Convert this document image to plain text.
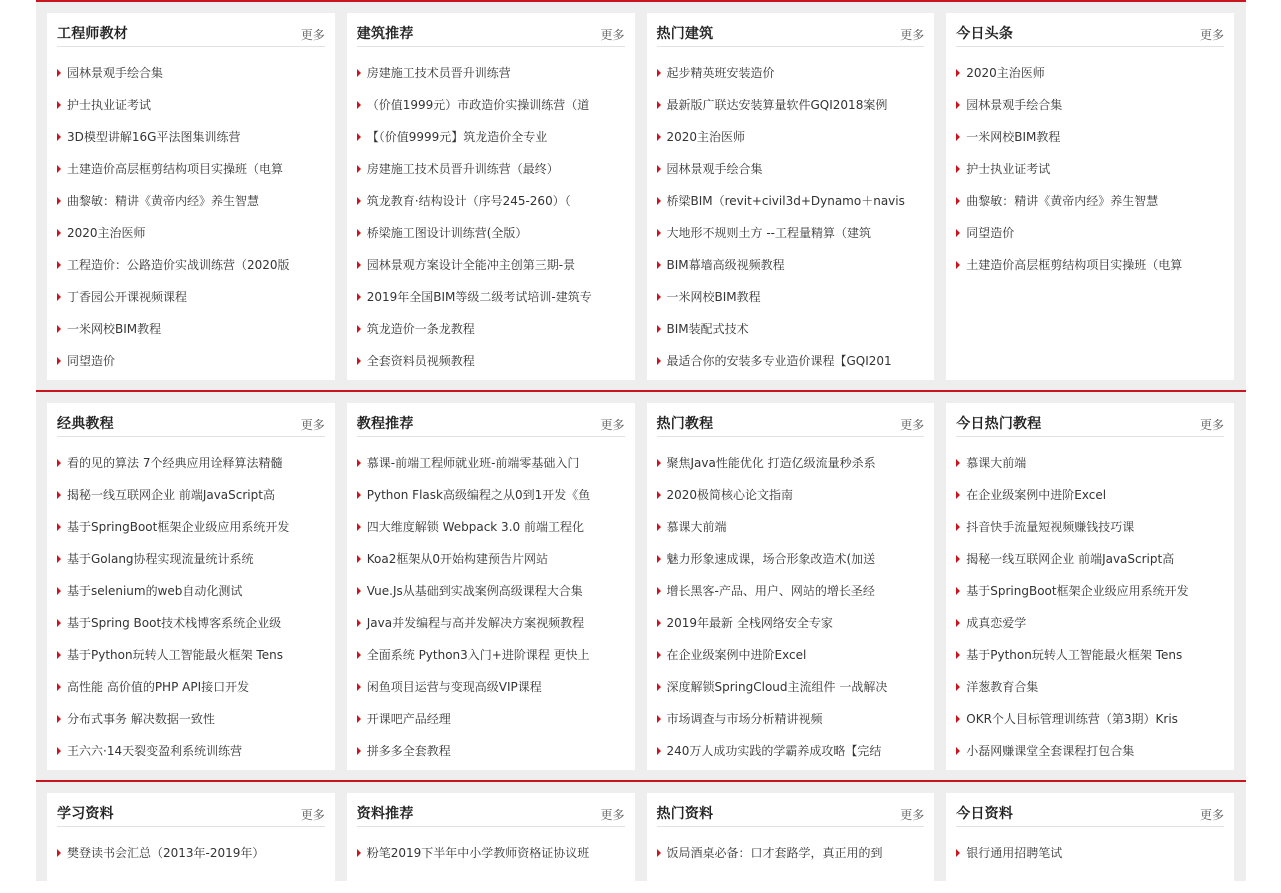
工程师教材	更多
园林景观手绘合集
护士执业证考试
3D模型讲解16G平法图集训练营
土建造价高层框剪结构项目实操班（电算
曲黎敏：精讲《黄帝内经》养生智慧
2020主治医师
工程造价：公路造价实战训练营（2020版
丁香园公开课视频课程
一米网校BIM教程
同望造价
建筑推荐	更多
房建施工技术员晋升训练营
（价值1999元）市政造价实操训练营（道
【（价值9999元】筑龙造价全专业
房建施工技术员晋升训练营（最终）
筑龙教育·结构设计（序号245-260）（
桥梁施工图设计训练营(全版）
园林景观方案设计全能冲主创第三期-景
2019年全国BIM等级二级考试培训-建筑专
筑龙造价一条龙教程
全套资料员视频教程
热门建筑	更多
起步精英班安装造价
最新版广联达安装算量软件GQI2018案例
2020主治医师
园林景观手绘合集
桥梁BIM（revit+civil3d+Dynamo＋navis
大地形不规则土方 --工程量精算（建筑
BIM幕墙高级视频教程
一米网校BIM教程
BIM装配式技术
最适合你的安装多专业造价课程【GQI201
今日头条	更多
2020主治医师
园林景观手绘合集
一米网校BIM教程
护士执业证考试
曲黎敏：精讲《黄帝内经》养生智慧
同望造价
土建造价高层框剪结构项目实操班（电算
经典教程	更多
看的见的算法 7个经典应用诠释算法精髓
揭秘一线互联网企业 前端JavaScript高
基于SpringBoot框架企业级应用系统开发
基于Golang协程实现流量统计系统
基于selenium的web自动化测试
基于Spring Boot技术栈博客系统企业级
基于Python玩转人工智能最火框架 Tens
高性能 高价值的PHP API接口开发
分布式事务 解决数据一致性
王六六·14天裂变盈利系统训练营
教程推荐	更多
慕课-前端工程师就业班-前端零基础入门
Python Flask高级编程之从0到1开发《鱼
四大维度解锁 Webpack 3.0 前端工程化
Koa2框架从0开始构建预告片网站
Vue.Js从基础到实战案例高级课程大合集
Java并发编程与高并发解决方案视频教程
全面系统 Python3入门+进阶课程 更快上
闲鱼项目运营与变现高级VIP课程
开课吧产品经理
拼多多全套教程
热门教程	更多
聚焦Java性能优化 打造亿级流量秒杀系
2020极简核心论文指南
慕课大前端
魅力形象速成课，场合形象改造术(加送
增长黑客-产品、用户、网站的增长圣经
2019年最新 全栈网络安全专家
在企业级案例中进阶Excel
深度解锁SpringCloud主流组件 一战解决
市场调查与市场分析精讲视频
240万人成功实践的学霸养成攻略【完结
今日热门教程	更多
慕课大前端
在企业级案例中进阶Excel
抖音快手流量短视频赚钱技巧课
揭秘一线互联网企业 前端JavaScript高
基于SpringBoot框架企业级应用系统开发
成真恋爱学
基于Python玩转人工智能最火框架 Tens
洋葱教育合集
OKR个人目标管理训练营（第3期）Kris
小磊网赚课堂全套课程打包合集
学习资料	更多
樊登读书会汇总（2013年-2019年）
资料推荐	更多
粉笔2019下半年中小学教师资格证协议班
热门资料	更多
饭局酒桌必备：口才套路学，真正用的到
今日资料	更多
银行通用招聘笔试
